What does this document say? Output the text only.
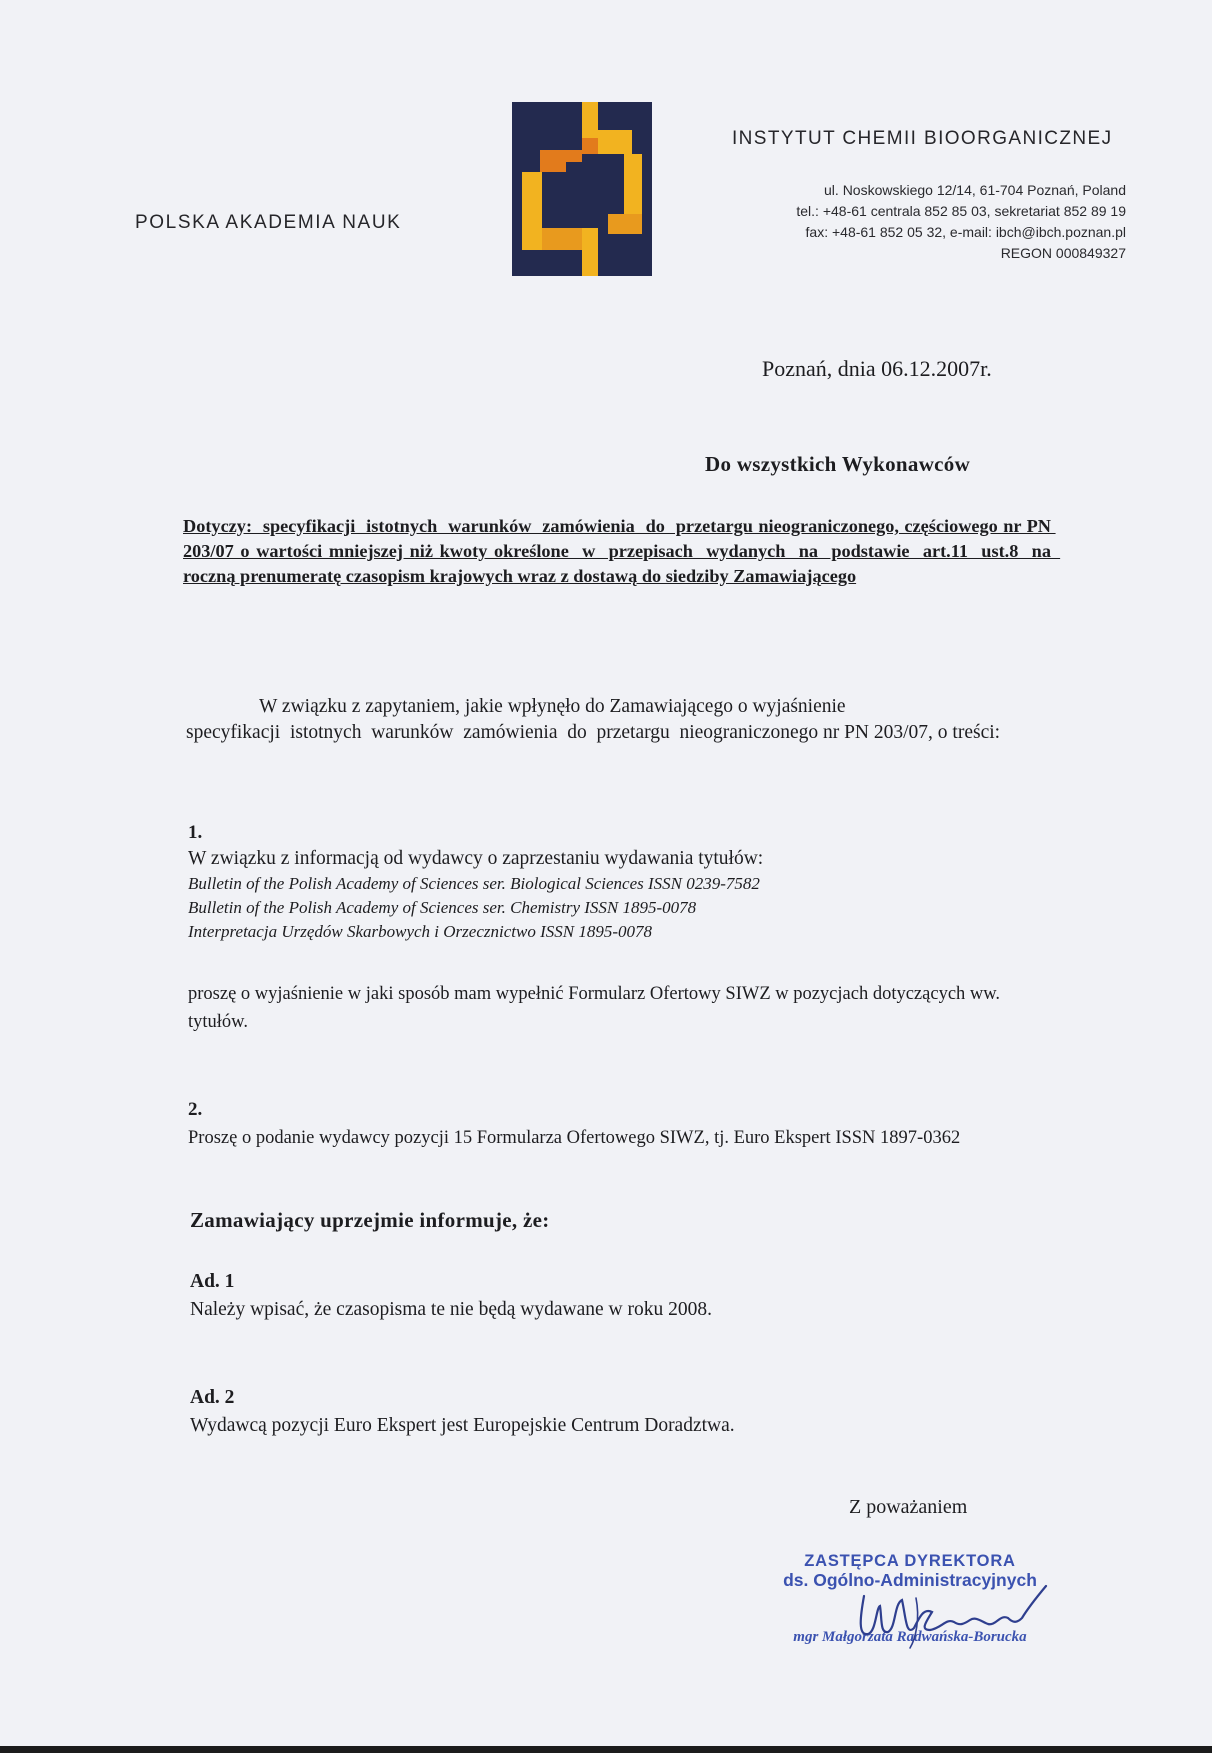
POLSKA AKADEMIA NAUK
INSTYTUT CHEMII BIOORGANICZNEJ
ul. Noskowskiego 12/14, 61-704 Poznań, Poland
tel.: +48-61 centrala 852 85 03, sekretariat 852 89 19
fax: +48-61 852 05 32, e-mail: ibch@ibch.poznan.pl
REGON 000849327
Poznań, dnia 06.12.2007r.
Do wszystkich Wykonawców
Dotyczy:  specyfikacji  istotnych  warunków  zamówienia  do  przetargu nieograniczonego, częściowego nr PN 203/07 o wartości mniejszej niż kwoty określone  w  przepisach  wydanych  na  podstawie  art.11  ust.8  na  roczną prenumeratę czasopism krajowych wraz z dostawą do siedziby Zamawiającego
W związku z zapytaniem, jakie wpłynęło do Zamawiającego o wyjaśnienie
specyfikacji  istotnych  warunków  zamówienia  do  przetargu  nieograniczonego nr PN 203/07, o treści:
1.
W związku z informacją od wydawcy o zaprzestaniu wydawania tytułów:
Bulletin of the Polish Academy of Sciences ser. Biological Sciences ISSN 0239-7582
Bulletin of the Polish Academy of Sciences ser. Chemistry ISSN 1895-0078
Interpretacja Urzędów Skarbowych i Orzecznictwo ISSN 1895-0078
proszę o wyjaśnienie w jaki sposób mam wypełnić Formularz Ofertowy SIWZ w pozycjach dotyczących ww. tytułów.
2.
Proszę o podanie wydawcy pozycji 15 Formularza Ofertowego SIWZ, tj. Euro Ekspert ISSN 1897-0362
Zamawiający uprzejmie informuje, że:
Ad. 1
Należy wpisać, że czasopisma te nie będą wydawane w roku 2008.
Ad. 2
Wydawcą pozycji Euro Ekspert jest Europejskie Centrum Doradztwa.
Z poważaniem
ZASTĘPCA DYREKTORA
ds. Ogólno-Administracyjnych
mgr Małgorzata Radwańska-Borucka
